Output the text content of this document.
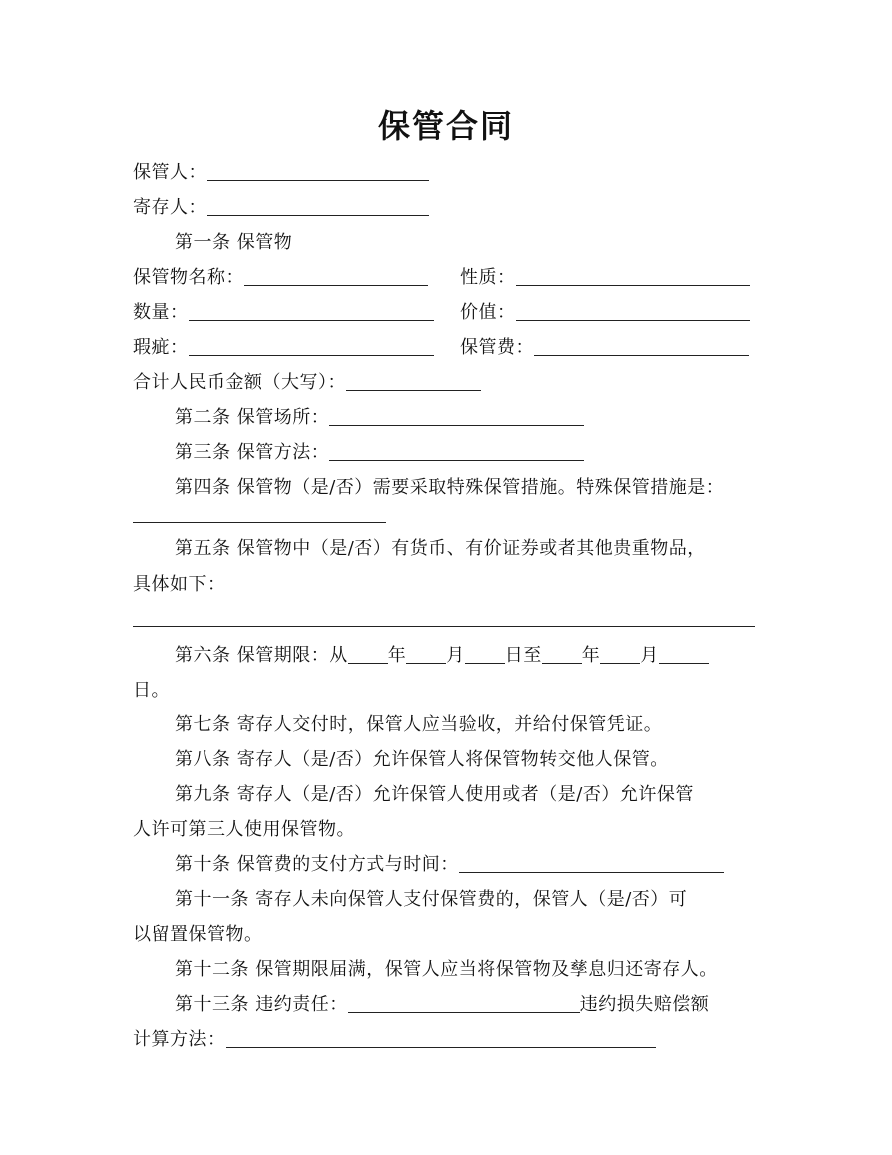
保管合同
保管人：
寄存人：
第一条 保管物
保管物名称：	性质：
数量：	价值：
瑕疵：	保管费：
合计人民币金额（大写）：
第二条 保管场所：
第三条 保管方法：
第四条 保管物（是/否）需要采取特殊保管措施。特殊保管措施是：
第五条 保管物中（是/否）有货币、有价证券或者其他贵重物品，
具体如下：
第六条 保管期限：从 年 月 日至 年 月
日。
第七条 寄存人交付时，保管人应当验收，并给付保管凭证。
第八条 寄存人（是/否）允许保管人将保管物转交他人保管。
第九条 寄存人（是/否）允许保管人使用或者（是/否）允许保管
人许可第三人使用保管物。
第十条 保管费的支付方式与时间：
第十一条 寄存人未向保管人支付保管费的，保管人（是/否）可
以留置保管物。
第十二条 保管期限届满，保管人应当将保管物及孳息归还寄存人。
第十三条 违约责任：	违约损失赔偿额
计算方法：
